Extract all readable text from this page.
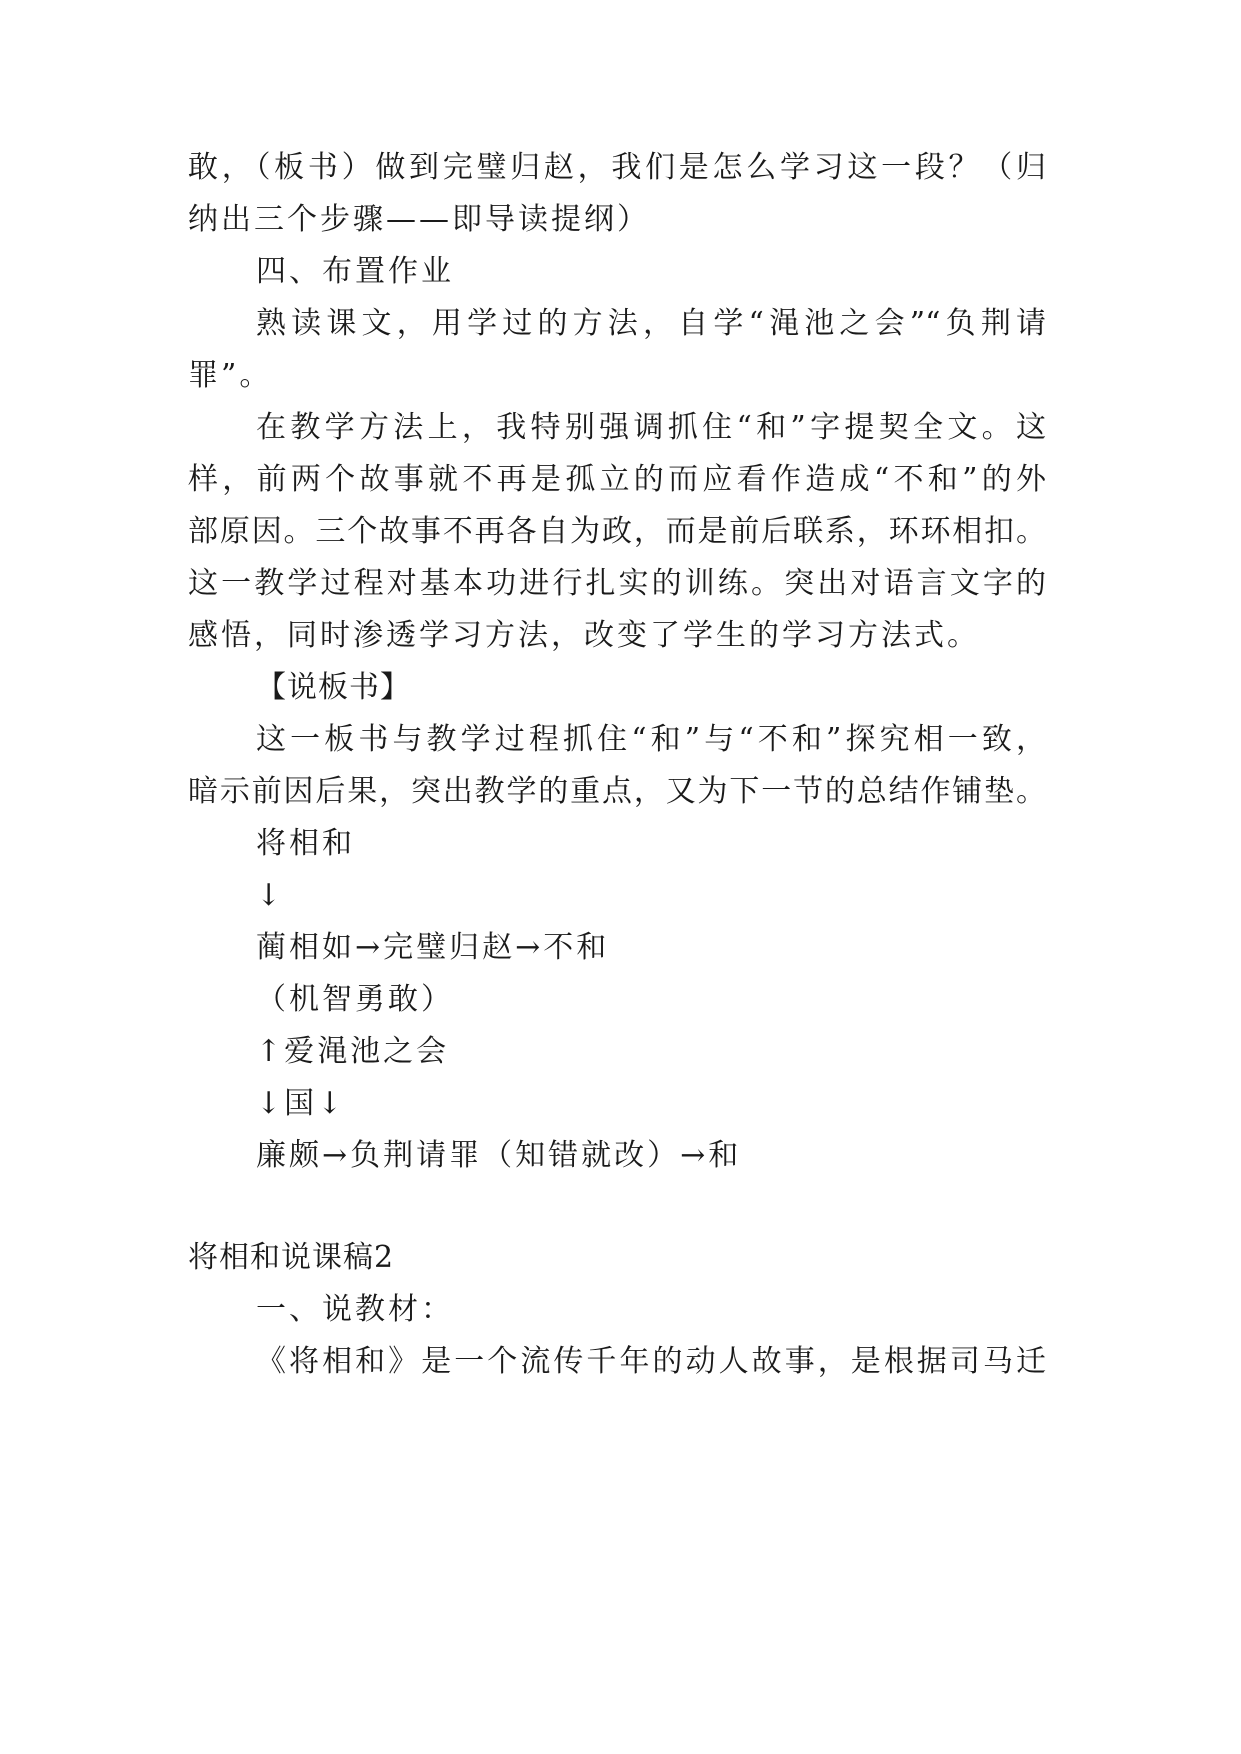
敢，（板书）做到完璧归赵，我们是怎么学习这一段？（归
纳出三个步骤——即导读提纲）
四、布置作业
熟读课文，用学过的方法，自学“渑池之会”“负荆请
罪”。
在教学方法上，我特别强调抓住“和”字提契全文。这
样，前两个故事就不再是孤立的而应看作造成“不和”的外
部原因。三个故事不再各自为政，而是前后联系，环环相扣。
这一教学过程对基本功进行扎实的训练。突出对语言文字的
感悟，同时渗透学习方法，改变了学生的学习方法式。
【说板书】
这一板书与教学过程抓住“和”与“不和”探究相一致，
暗示前因后果，突出教学的重点，又为下一节的总结作铺垫。
将相和
↓
蔺相如→完璧归赵→不和
（机智勇敢）
↑爱渑池之会
↓国↓
廉颇→负荆请罪（知错就改）→和
将相和说课稿2
一、说教材：
《将相和》是一个流传千年的动人故事，是根据司马迁
